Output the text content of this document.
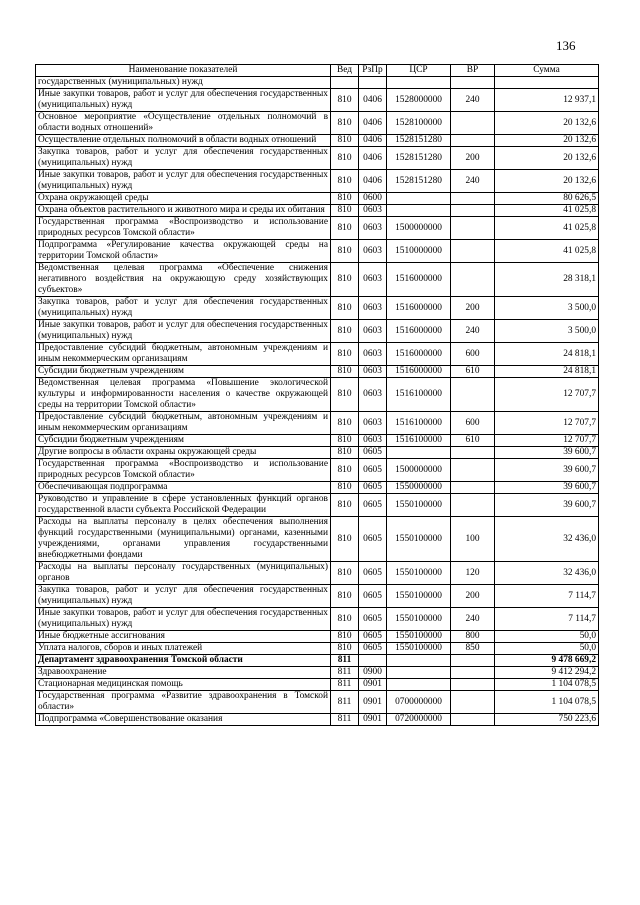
136
Наименование показателей	Вед	РзПр	ЦСР	ВР	Сумма
государственных (муниципальных) нужд					
Иные закупки товаров, работ и услуг для обеспечения государственных (муниципальных) нужд	810	0406	1528000000	240	12 937,1
Основное мероприятие «Осуществление отдельных полномочий в области водных отношений»	810	0406	1528100000		20 132,6
Осуществление отдельных полномочий в области водных отношений	810	0406	1528151280		20 132,6
Закупка товаров, работ и услуг для обеспечения государственных (муниципальных) нужд	810	0406	1528151280	200	20 132,6
Иные закупки товаров, работ и услуг для обеспечения государственных (муниципальных) нужд	810	0406	1528151280	240	20 132,6
Охрана окружающей среды	810	0600			80 626,5
Охрана объектов растительного и животного мира и среды их обитания	810	0603			41 025,8
Государственная программа «Воспроизводство и использование природных ресурсов Томской области»	810	0603	1500000000		41 025,8
Подпрограмма «Регулирование качества окружающей среды на территории Томской области»	810	0603	1510000000		41 025,8
Ведомственная целевая программа «Обеспечение снижения негативного воздействия на окружающую среду хозяйствующих субъектов»	810	0603	1516000000		28 318,1
Закупка товаров, работ и услуг для обеспечения государственных (муниципальных) нужд	810	0603	1516000000	200	3 500,0
Иные закупки товаров, работ и услуг для обеспечения государственных (муниципальных) нужд	810	0603	1516000000	240	3 500,0
Предоставление субсидий бюджетным, автономным учреждениям и иным некоммерческим организациям	810	0603	1516000000	600	24 818,1
Субсидии бюджетным учреждениям	810	0603	1516000000	610	24 818,1
Ведомственная целевая программа «Повышение экологической культуры и информированности населения о качестве окружающей среды на территории Томской области»	810	0603	1516100000		12 707,7
Предоставление субсидий бюджетным, автономным учреждениям и иным некоммерческим организациям	810	0603	1516100000	600	12 707,7
Субсидии бюджетным учреждениям	810	0603	1516100000	610	12 707,7
Другие вопросы в области охраны окружающей среды	810	0605			39 600,7
Государственная программа «Воспроизводство и использование природных ресурсов Томской области»	810	0605	1500000000		39 600,7
Обеспечивающая подпрограмма	810	0605	1550000000		39 600,7
Руководство и управление в сфере установленных функций органов государственной власти субъекта Российской Федерации	810	0605	1550100000		39 600,7
Расходы на выплаты персоналу в целях обеспечения выполнения функций государственными (муниципальными) органами, казенными учреждениями, органами управления государственными внебюджетными фондами	810	0605	1550100000	100	32 436,0
Расходы на выплаты персоналу государственных (муниципальных) органов	810	0605	1550100000	120	32 436,0
Закупка товаров, работ и услуг для обеспечения государственных (муниципальных) нужд	810	0605	1550100000	200	7 114,7
Иные закупки товаров, работ и услуг для обеспечения государственных (муниципальных) нужд	810	0605	1550100000	240	7 114,7
Иные бюджетные ассигнования	810	0605	1550100000	800	50,0
Уплата налогов, сборов и иных платежей	810	0605	1550100000	850	50,0
Департамент здравоохранения Томской области	811				9 478 669,2
Здравоохранение	811	0900			9 412 294,2
Стационарная медицинская помощь	811	0901			1 104 078,5
Государственная программа «Развитие здравоохранения в Томской области»	811	0901	0700000000		1 104 078,5
Подпрограмма «Совершенствование оказания	811	0901	0720000000		750 223,6
